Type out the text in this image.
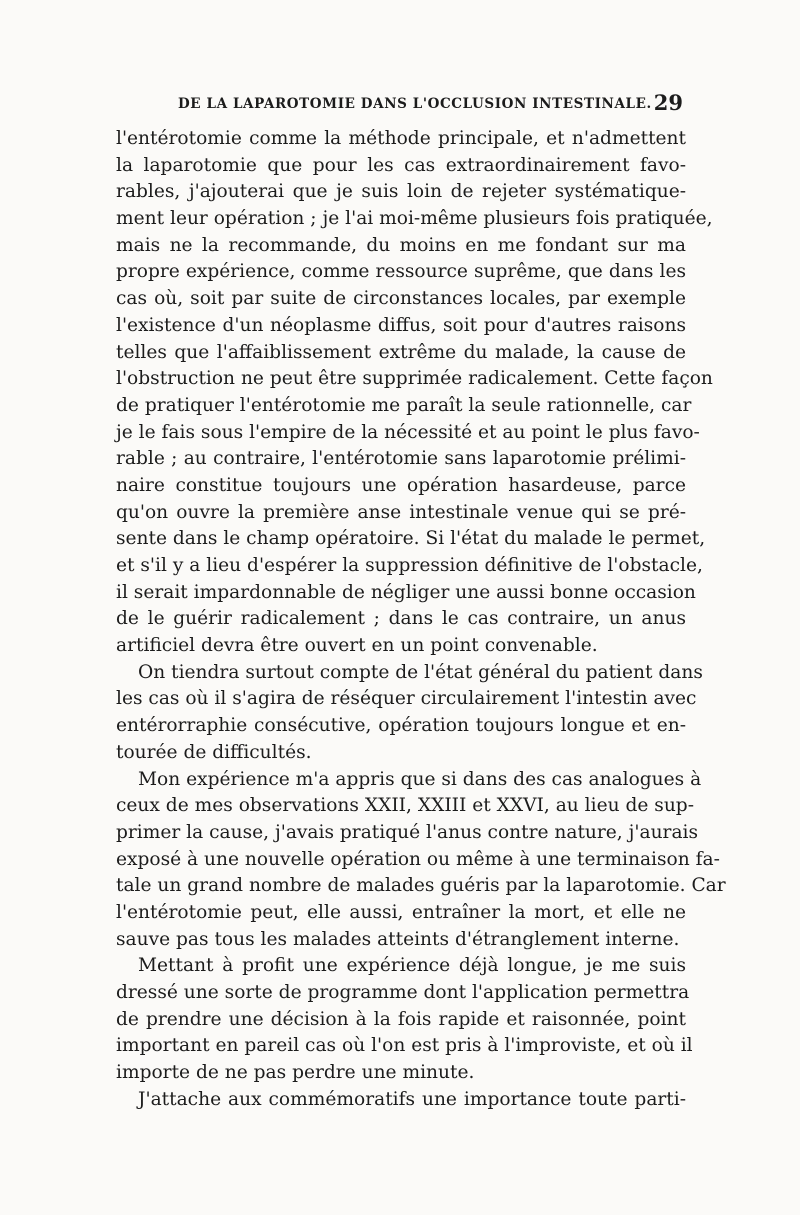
DE LA LAPAROTOMIE DANS L'OCCLUSION INTESTINALE. 29
l'entérotomie comme la méthode principale, et n'admettent
la laparotomie que pour les cas extraordinairement favo-
rables, j'ajouterai que je suis loin de rejeter systématique-
ment leur opération ; je l'ai moi-même plusieurs fois pratiquée,
mais ne la recommande, du moins en me fondant sur ma
propre expérience, comme ressource suprême, que dans les
cas où, soit par suite de circonstances locales, par exemple
l'existence d'un néoplasme diffus, soit pour d'autres raisons
telles que l'affaiblissement extrême du malade, la cause de
l'obstruction ne peut être supprimée radicalement. Cette façon
de pratiquer l'entérotomie me paraît la seule rationnelle, car
je le fais sous l'empire de la nécessité et au point le plus favo-
rable ; au contraire, l'entérotomie sans laparotomie prélimi-
naire constitue toujours une opération hasardeuse, parce
qu'on ouvre la première anse intestinale venue qui se pré-
sente dans le champ opératoire. Si l'état du malade le permet,
et s'il y a lieu d'espérer la suppression définitive de l'obstacle,
il serait impardonnable de négliger une aussi bonne occasion
de le guérir radicalement ; dans le cas contraire, un anus
artificiel devra être ouvert en un point convenable.
On tiendra surtout compte de l'état général du patient dans
les cas où il s'agira de réséquer circulairement l'intestin avec
entérorraphie consécutive, opération toujours longue et en-
tourée de difficultés.
Mon expérience m'a appris que si dans des cas analogues à
ceux de mes observations XXII, XXIII et XXVI, au lieu de sup-
primer la cause, j'avais pratiqué l'anus contre nature, j'aurais
exposé à une nouvelle opération ou même à une terminaison fa-
tale un grand nombre de malades guéris par la laparotomie. Car
l'entérotomie peut, elle aussi, entraîner la mort, et elle ne
sauve pas tous les malades atteints d'étranglement interne.
Mettant à profit une expérience déjà longue, je me suis
dressé une sorte de programme dont l'application permettra
de prendre une décision à la fois rapide et raisonnée, point
important en pareil cas où l'on est pris à l'improviste, et où il
importe de ne pas perdre une minute.
J'attache aux commémoratifs une importance toute parti-
